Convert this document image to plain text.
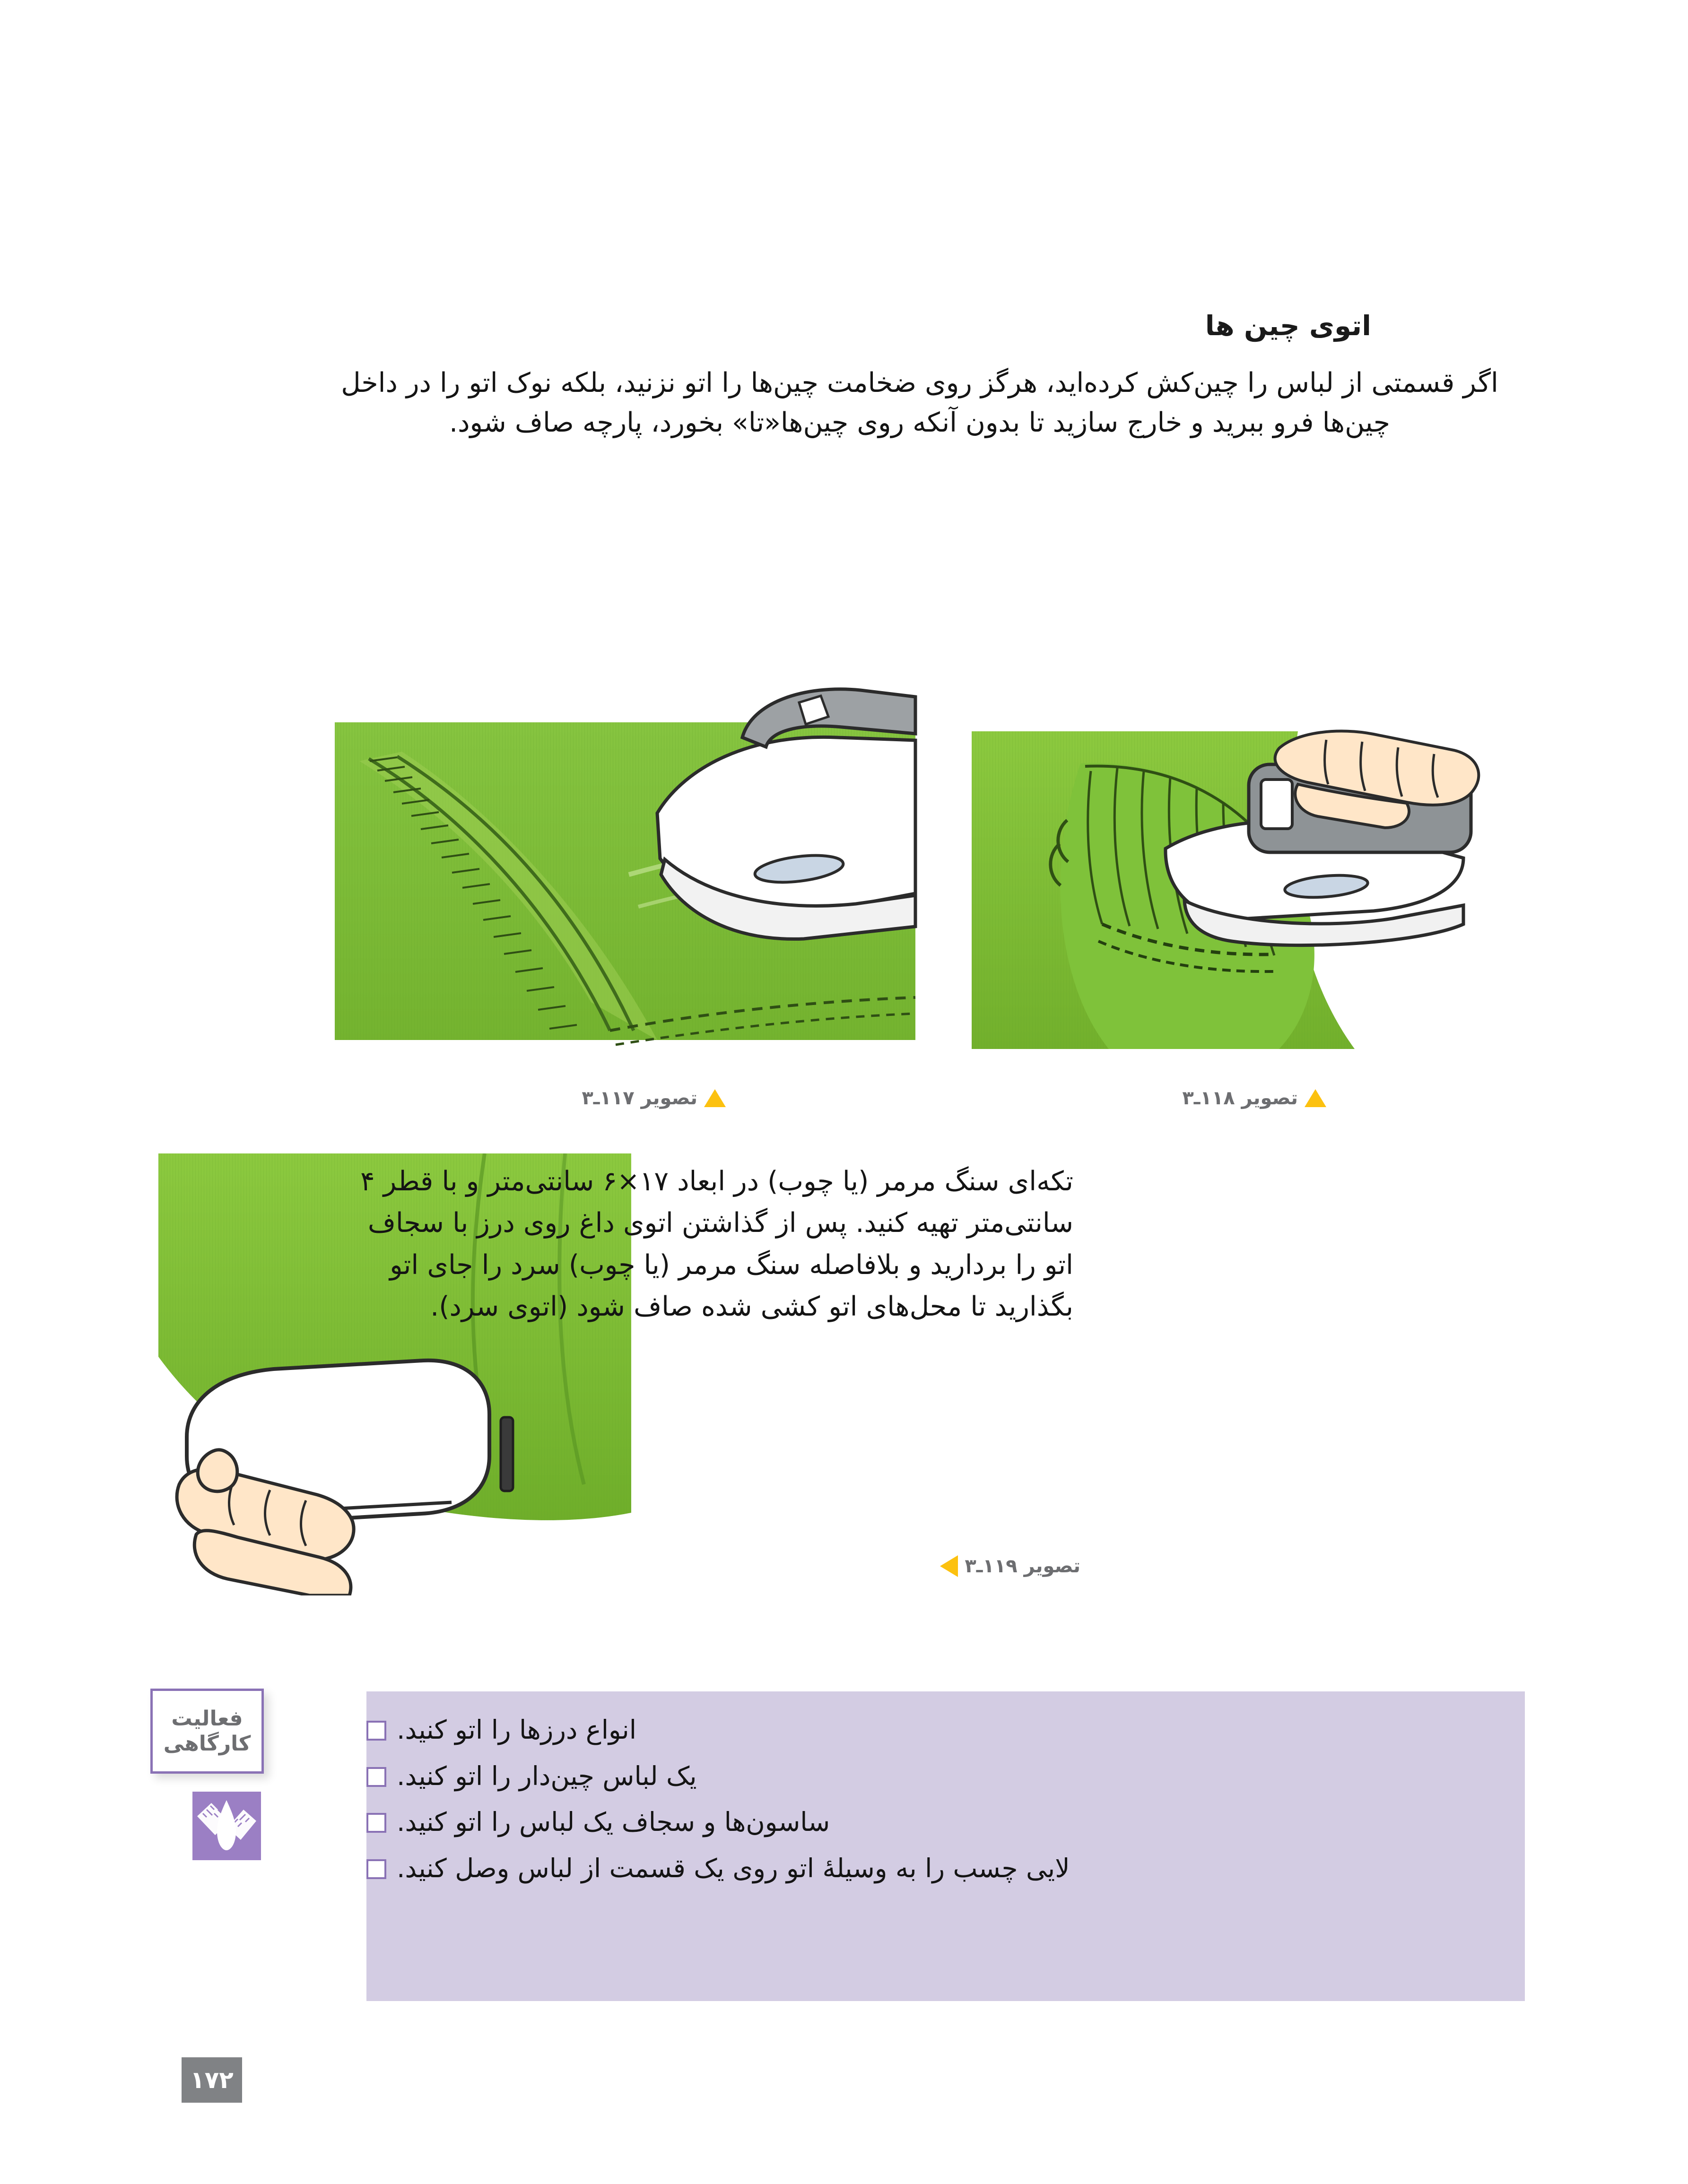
اتوی چین ها
اگر قسمتی از لباس را چین‌کش کرده‌اید، هرگز روی ضخامت چین‌ها را اتو نزنید، بلکه نوک اتو را در داخل
چین‌ها فرو ببرید و خارج سازید تا بدون آنکه روی چین‌ها«تا» بخورد، پارچه صاف شود.
تصویر ۱۱۷ـ۳	تصویر ۱۱۸ـ۳
تصویر ۱۱۹ـ۳
تکه‌ای سنگ مرمر (یا چوب) در ابعاد ۱۷×۶ سانتی‌متر و با قطر ۴
سانتی‌متر تهیه کنید. پس از گذاشتن اتوی داغ روی درز با سجاف
اتو را بردارید و بلافاصله سنگ مرمر (یا چوب) سرد را جای اتو
بگذارید تا محل‌های اتو کشی شده صاف شود (اتوی سرد).
انواع درزها را اتو کنید.
یک لباس چین‌دار را اتو کنید.
ساسون‌ها و سجاف یک لباس را اتو کنید.
لایی چسب را به وسیلۀ اتو روی یک قسمت از لباس وصل کنید.
فعالیت
کارگاهی
۱۷۲
